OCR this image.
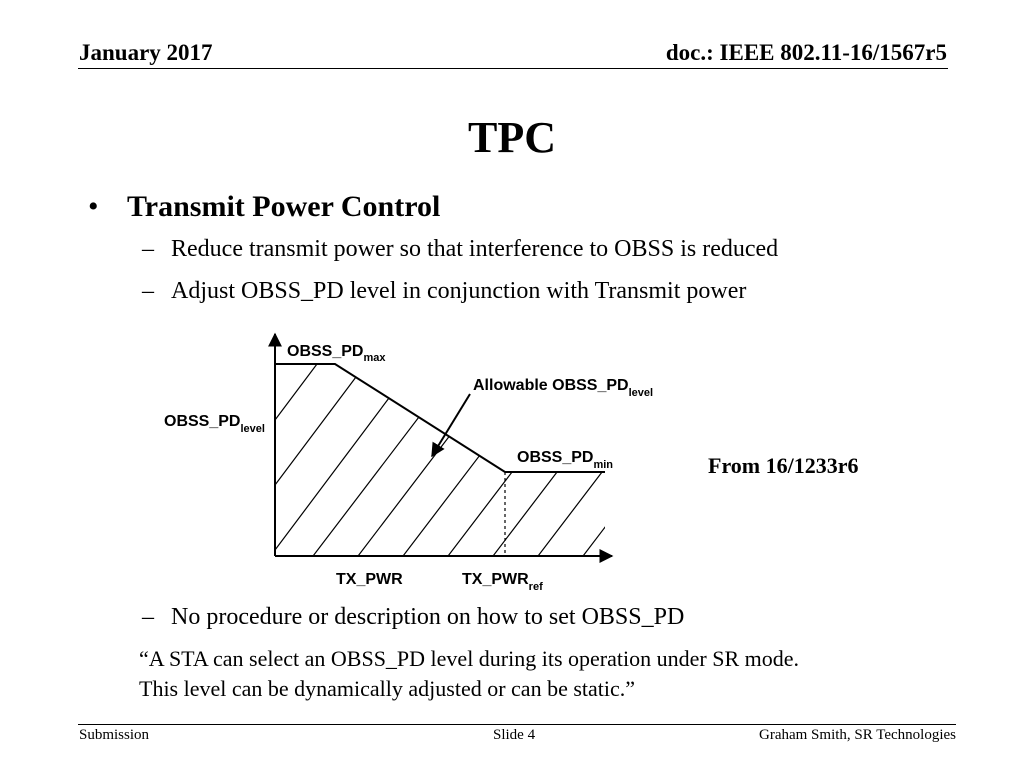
January 2017	doc.: IEEE 802.11-16/1567r5
TPC
• Transmit Power Control
– Reduce transmit power so that interference to OBSS is reduced
– Adjust OBSS_PD level in conjunction with Transmit power
$OBSS\_PD_{max}$
$OBSS\_PD_{level}$
Allowable $OBSS\_PD_{level}$
$OBSS\_PD_{min}$
TX_PWR	$TX\_PWR_{ref}$
From 16/1233r6
– No procedure or description on how to set OBSS_PD
“A STA can select an OBSS_PD level during its operation under SR mode.
This level can be dynamically adjusted or can be static.”
Submission	Slide 4	Graham Smith, SR Technologies
